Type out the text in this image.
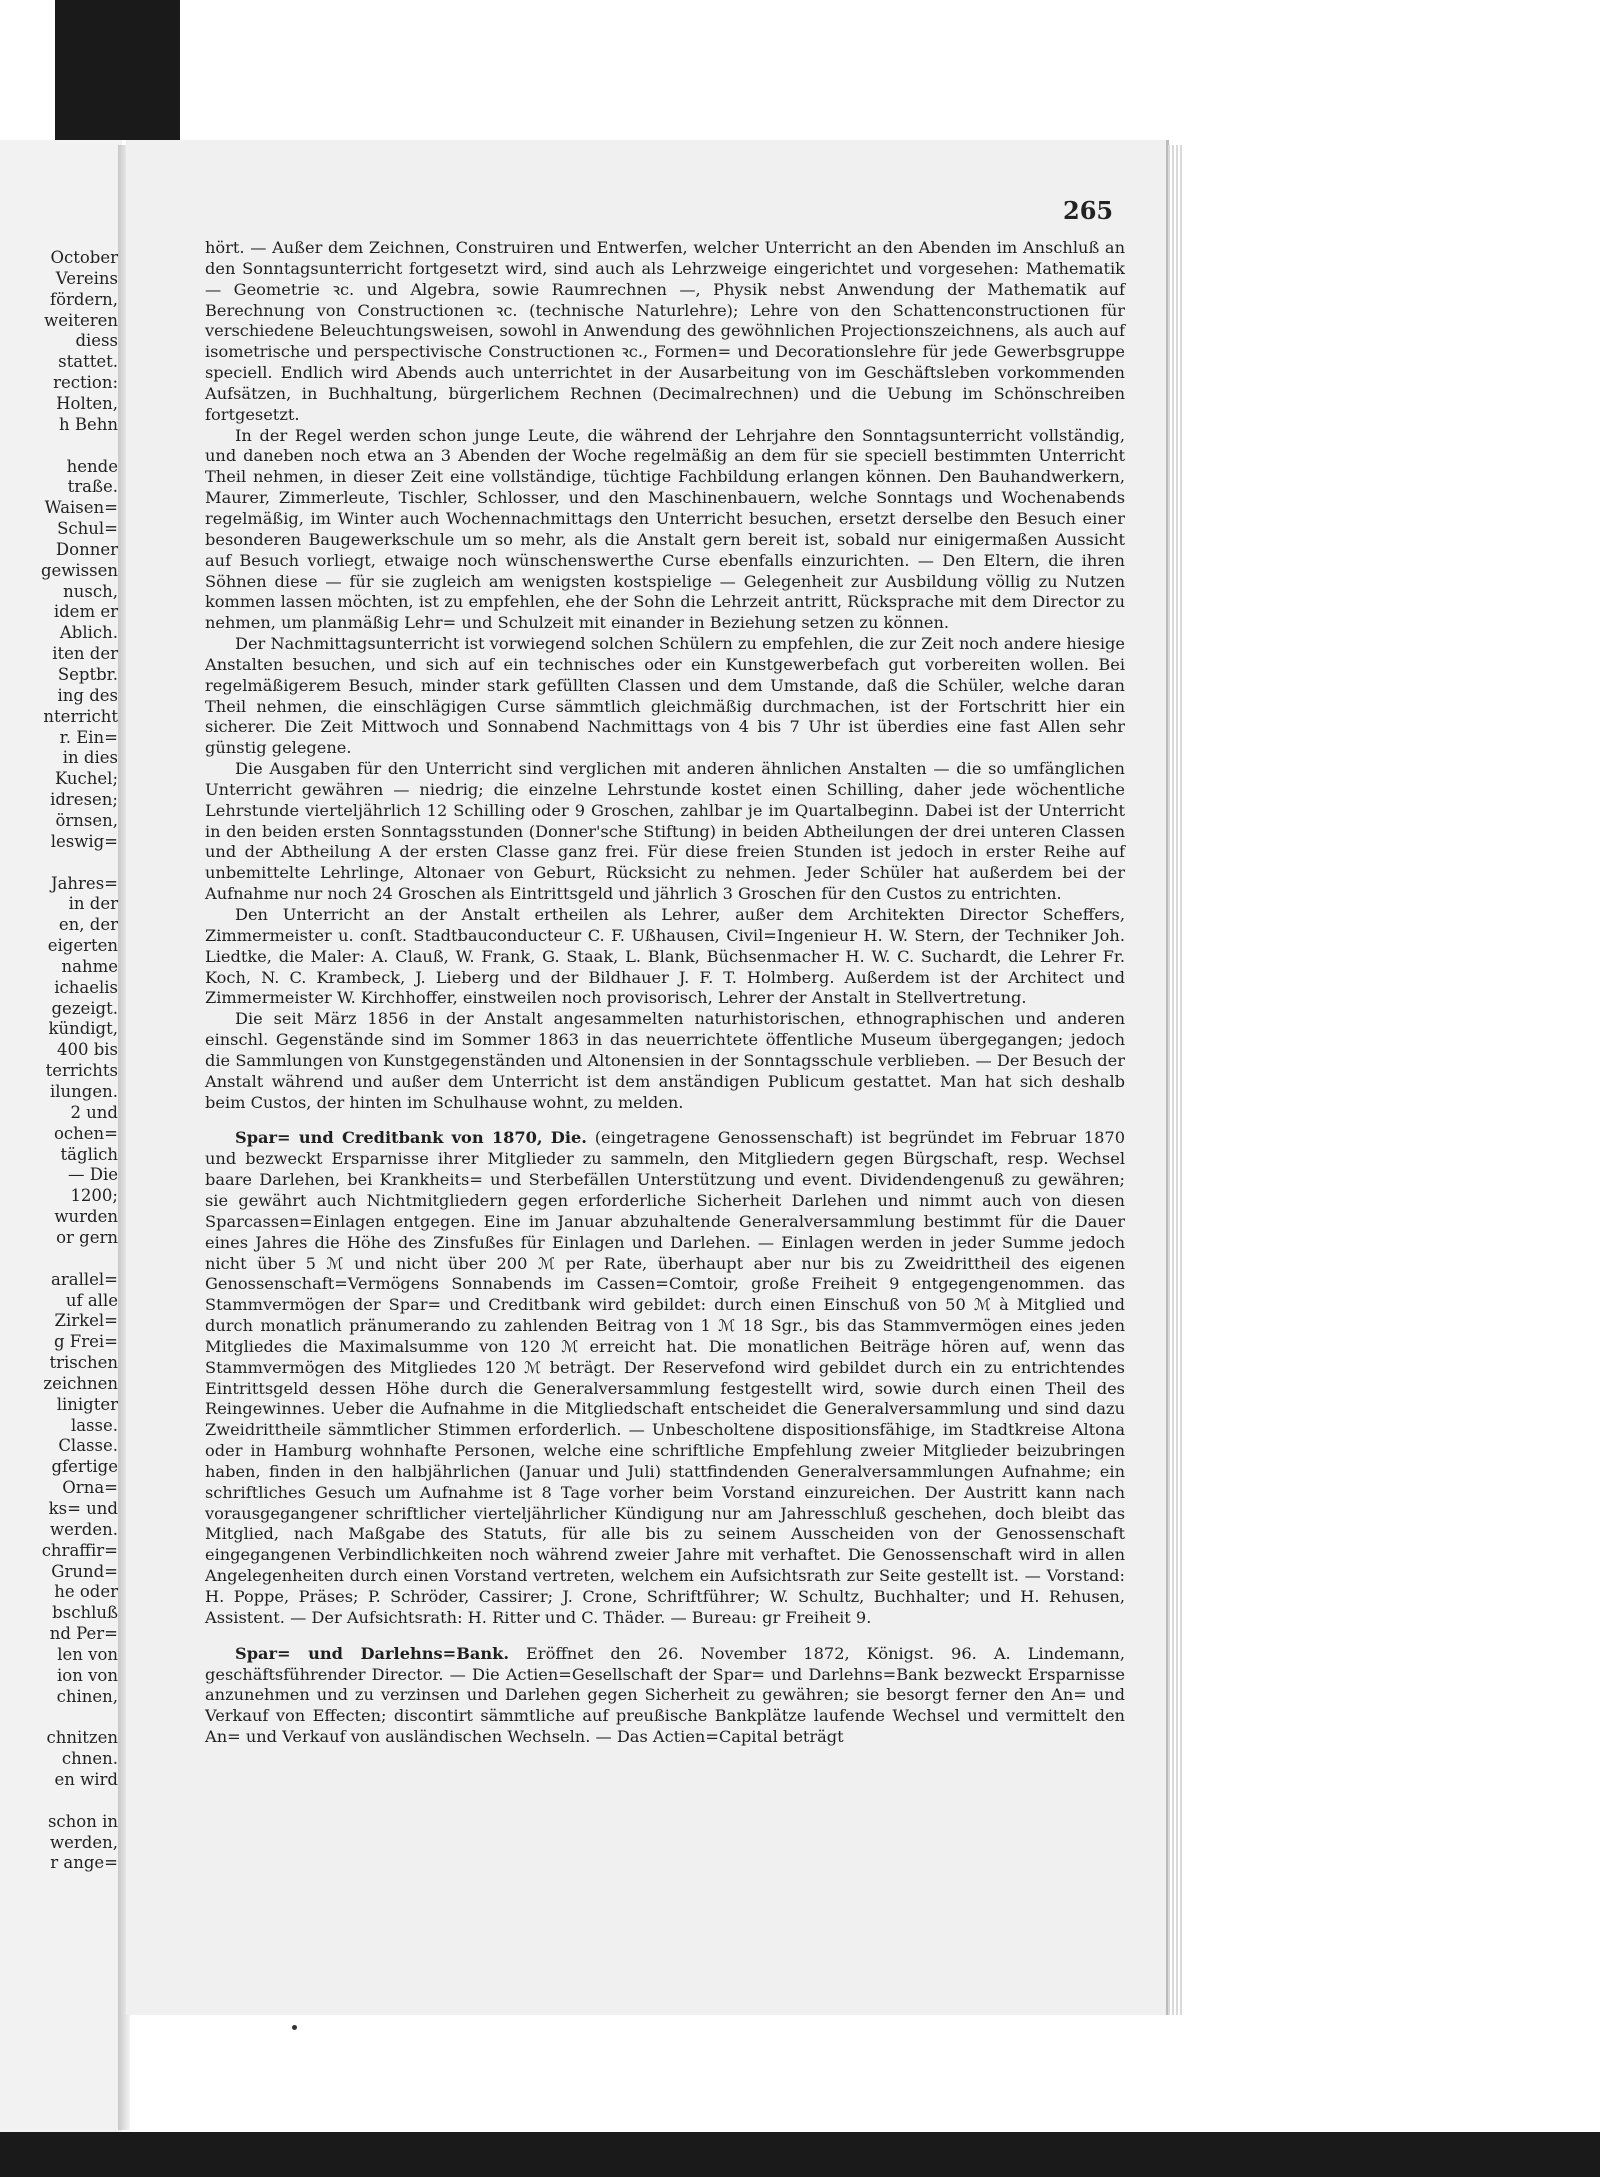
October
Vereins
fördern,
weiteren
diess
stattet.
rection:
Holten,
h Behn
hende
traße.
Waisen=
Schul=
Donner
gewissen
nusch,
idem er
Ablich.
iten der
Septbr.
ing des
nterricht
r. Ein=
in dies
Kuchel;
idresen;
örnsen,
leswig=
Jahres=
in der
en, der
eigerten
nahme
ichaelis
gezeigt.
kündigt,
400 bis
terrichts
ilungen.
2 und
ochen=
täglich
— Die
1200;
wurden
or gern
arallel=
uf alle
Zirkel=
g Frei=
trischen
zeichnen
linigter
lasse.
Classe.
gfertige
Orna=
ks= und
werden.
chraffir=
Grund=
he oder
bschluß
nd Per=
len von
ion von
chinen,
chnitzen
chnen.
en wird
schon in
werden,
r ange=
265

hört. — Außer dem Zeichnen, Construiren und Entwerfen, welcher Unterricht an den Abenden im Anschluß an den Sonntagsunterricht fortgesetzt wird, sind auch als Lehrzweige eingerichtet und vorgesehen: Mathematik — Geometrie ꝛc. und Algebra, sowie Raumrechnen —, Physik nebst Anwendung der Mathematik auf Berechnung von Constructionen ꝛc. (technische Naturlehre); Lehre von den Schattenconstructionen für verschiedene Beleuchtungsweisen, sowohl in Anwendung des gewöhnlichen Projectionszeichnens, als auch auf isometrische und perspectivische Constructionen ꝛc., Formen= und Decorationslehre für jede Gewerbsgruppe speciell. Endlich wird Abends auch unterrichtet in der Ausarbeitung von im Geschäftsleben vorkommenden Aufsätzen, in Buchhaltung, bürgerlichem Rechnen (Decimalrechnen) und die Uebung im Schönschreiben fortgesetzt.

In der Regel werden schon junge Leute, die während der Lehrjahre den Sonntagsunterricht vollständig, und daneben noch etwa an 3 Abenden der Woche regelmäßig an dem für sie speciell bestimmten Unterricht Theil nehmen, in dieser Zeit eine vollständige, tüchtige Fachbildung erlangen können. Den Bauhandwerkern, Maurer, Zimmerleute, Tischler, Schlosser, und den Maschinenbauern, welche Sonntags und Wochenabends regelmäßig, im Winter auch Wochennachmittags den Unterricht besuchen, ersetzt derselbe den Besuch einer besonderen Baugewerkschule um so mehr, als die Anstalt gern bereit ist, sobald nur einigermaßen Aussicht auf Besuch vorliegt, etwaige noch wünschenswerthe Curse ebenfalls einzurichten. — Den Eltern, die ihren Söhnen diese — für sie zugleich am wenigsten kostspielige — Gelegenheit zur Ausbildung völlig zu Nutzen kommen lassen möchten, ist zu empfehlen, ehe der Sohn die Lehrzeit antritt, Rücksprache mit dem Director zu nehmen, um planmäßig Lehr= und Schulzeit mit einander in Beziehung setzen zu können.

Der Nachmittagsunterricht ist vorwiegend solchen Schülern zu empfehlen, die zur Zeit noch andere hiesige Anstalten besuchen, und sich auf ein technisches oder ein Kunstgewerbefach gut vorbereiten wollen. Bei regelmäßigerem Besuch, minder stark gefüllten Classen und dem Umstande, daß die Schüler, welche daran Theil nehmen, die einschlägigen Curse sämmtlich gleichmäßig durchmachen, ist der Fortschritt hier ein sicherer. Die Zeit Mittwoch und Sonnabend Nachmittags von 4 bis 7 Uhr ist überdies eine fast Allen sehr günstig gelegene.

Die Ausgaben für den Unterricht sind verglichen mit anderen ähnlichen Anstalten — die so umfänglichen Unterricht gewähren — niedrig; die einzelne Lehrstunde kostet einen Schilling, daher jede wöchentliche Lehrstunde vierteljährlich 12 Schilling oder 9 Groschen, zahlbar je im Quartalbeginn. Dabei ist der Unterricht in den beiden ersten Sonntagsstunden (Donner'sche Stiftung) in beiden Abtheilungen der drei unteren Classen und der Abtheilung A der ersten Classe ganz frei. Für diese freien Stunden ist jedoch in erster Reihe auf unbemittelte Lehrlinge, Altonaer von Geburt, Rücksicht zu nehmen. Jeder Schüler hat außerdem bei der Aufnahme nur noch 24 Groschen als Eintrittsgeld und jährlich 3 Groschen für den Custos zu entrichten.

Den Unterricht an der Anstalt ertheilen als Lehrer, außer dem Architekten Director Scheffers, Zimmermeister u. conſt. Stadtbauconducteur C. F. Ußhausen, Civil=Ingenieur H. W. Stern, der Techniker Joh. Liedtke, die Maler: A. Clauß, W. Frank, G. Staak, L. Blank, Büchsenmacher H. W. C. Suchardt, die Lehrer Fr. Koch, N. C. Krambeck, J. Lieberg und der Bildhauer J. F. T. Holmberg. Außerdem ist der Architect und Zimmermeister W. Kirchhoffer, einstweilen noch provisorisch, Lehrer der Anstalt in Stellvertretung.

Die seit März 1856 in der Anstalt angesammelten naturhistorischen, ethnographischen und anderen einschl. Gegenstände sind im Sommer 1863 in das neuerrichtete öffentliche Museum übergegangen; jedoch die Sammlungen von Kunstgegenständen und Altonensien in der Sonntagsschule verblieben. — Der Besuch der Anstalt während und außer dem Unterricht ist dem anständigen Publicum gestattet. Man hat sich deshalb beim Custos, der hinten im Schulhause wohnt, zu melden.

Spar= und Creditbank von 1870, Die. (eingetragene Genossenschaft) ist begründet im Februar 1870 und bezweckt Ersparnisse ihrer Mitglieder zu sammeln, den Mitgliedern gegen Bürgschaft, resp. Wechsel baare Darlehen, bei Krankheits= und Sterbefällen Unterstützung und event. Dividendengenuß zu gewähren; sie gewährt auch Nichtmitgliedern gegen erforderliche Sicherheit Darlehen und nimmt auch von diesen Sparcassen=Einlagen entgegen. Eine im Januar abzuhaltende Generalversammlung bestimmt für die Dauer eines Jahres die Höhe des Zinsfußes für Einlagen und Darlehen. — Einlagen werden in jeder Summe jedoch nicht über 5 ℳ und nicht über 200 ℳ per Rate, überhaupt aber nur bis zu Zweidrittheil des eigenen Genossenschaft=Vermögens Sonnabends im Cassen=Comtoir, große Freiheit 9 entgegengenommen. das Stammvermögen der Spar= und Creditbank wird gebildet: durch einen Einschuß von 50 ℳ à Mitglied und durch monatlich pränumerando zu zahlenden Beitrag von 1 ℳ 18 Sgr., bis das Stammvermögen eines jeden Mitgliedes die Maximalsumme von 120 ℳ erreicht hat. Die monatlichen Beiträge hören auf, wenn das Stammvermögen des Mitgliedes 120 ℳ beträgt. Der Reservefond wird gebildet durch ein zu entrichtendes Eintrittsgeld dessen Höhe durch die Generalversammlung festgestellt wird, sowie durch einen Theil des Reingewinnes. Ueber die Aufnahme in die Mitgliedschaft entscheidet die Generalversammlung und sind dazu Zweidrittheile sämmtlicher Stimmen erforderlich. — Unbescholtene dispositionsfähige, im Stadtkreise Altona oder in Hamburg wohnhafte Personen, welche eine schriftliche Empfehlung zweier Mitglieder beizubringen haben, finden in den halbjährlichen (Januar und Juli) stattfindenden Generalversammlungen Aufnahme; ein schriftliches Gesuch um Aufnahme ist 8 Tage vorher beim Vorstand einzureichen. Der Austritt kann nach vorausgegangener schriftlicher vierteljährlicher Kündigung nur am Jahresschluß geschehen, doch bleibt das Mitglied, nach Maßgabe des Statuts, für alle bis zu seinem Ausscheiden von der Genossenschaft eingegangenen Verbindlichkeiten noch während zweier Jahre mit verhaftet. Die Genossenschaft wird in allen Angelegenheiten durch einen Vorstand vertreten, welchem ein Aufsichtsrath zur Seite gestellt ist. — Vorstand: H. Poppe, Präses; P. Schröder, Cassirer; J. Crone, Schriftführer; W. Schultz, Buchhalter; und H. Rehusen, Assistent. — Der Aufsichtsrath: H. Ritter und C. Thäder. — Bureau: gr Freiheit 9.

Spar= und Darlehns=Bank. Eröffnet den 26. November 1872, Königst. 96. A. Lindemann, geschäftsführender Director. — Die Actien=Gesellschaft der Spar= und Darlehns=Bank bezweckt Ersparnisse anzunehmen und zu verzinsen und Darlehen gegen Sicherheit zu gewähren; sie besorgt ferner den An= und Verkauf von Effecten; discontirt sämmtliche auf preußische Bankplätze laufende Wechsel und vermittelt den An= und Verkauf von ausländischen Wechseln. — Das Actien=Capital beträgt
